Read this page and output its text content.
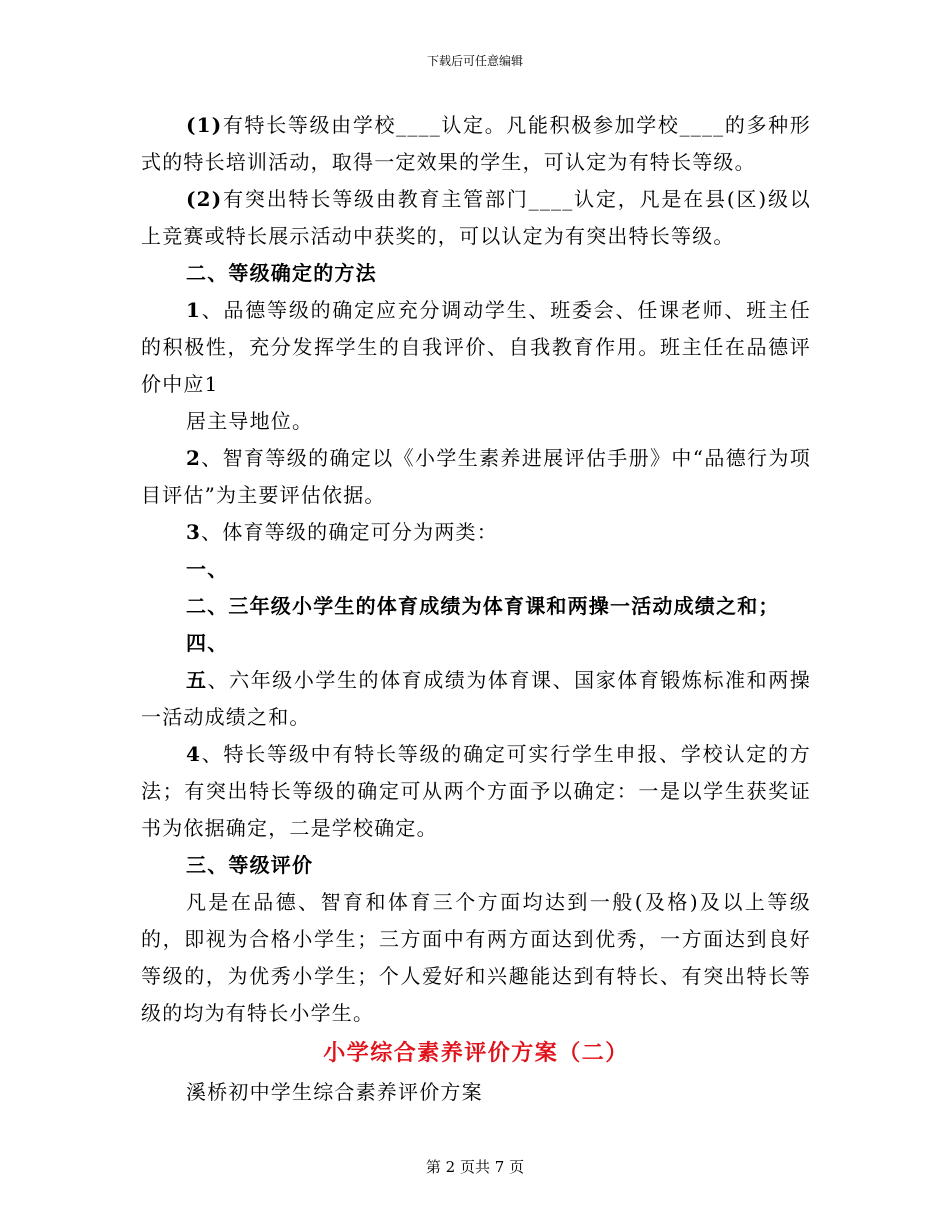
下载后可任意编辑

(1)有特长等级由学校____认定。凡能积极参加学校____的多种形式的特长培训活动，取得一定效果的学生，可认定为有特长等级。

(2)有突出特长等级由教育主管部门____认定，凡是在县(区)级以上竞赛或特长展示活动中获奖的，可以认定为有突出特长等级。

二、等级确定的方法

1、品德等级的确定应充分调动学生、班委会、任课老师、班主任的积极性，充分发挥学生的自我评价、自我教育作用。班主任在品德评价中应1

居主导地位。

2、智育等级的确定以《小学生素养进展评估手册》中“品德行为项目评估”为主要评估依据。

3、体育等级的确定可分为两类：

一、

二、三年级小学生的体育成绩为体育课和两操一活动成绩之和；

四、

五、六年级小学生的体育成绩为体育课、国家体育锻炼标准和两操一活动成绩之和。

4、特长等级中有特长等级的确定可实行学生申报、学校认定的方法；有突出特长等级的确定可从两个方面予以确定：一是以学生获奖证书为依据确定，二是学校确定。

三、等级评价

凡是在品德、智育和体育三个方面均达到一般(及格)及以上等级的，即视为合格小学生；三方面中有两方面达到优秀，一方面达到良好等级的，为优秀小学生；个人爱好和兴趣能达到有特长、有突出特长等级的均为有特长小学生。

小学综合素养评价方案（二）

溪桥初中学生综合素养评价方案

第 2 页共 7 页
